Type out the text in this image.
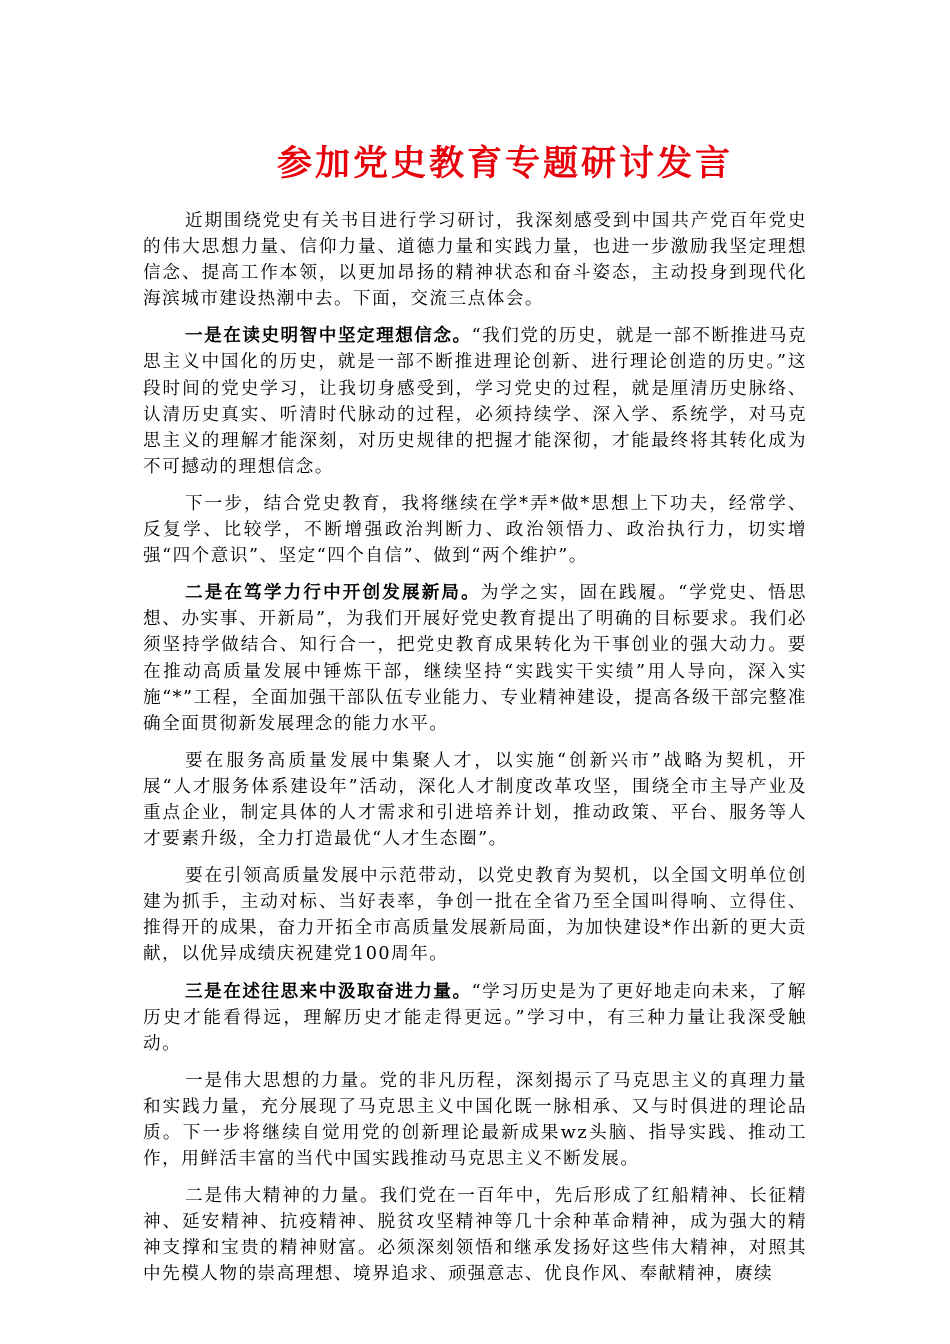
参加党史教育专题研讨发言

近期围绕党史有关书目进行学习研讨，我深刻感受到中国共产党百年党史的伟大思想力量、信仰力量、道德力量和实践力量，也进一步激励我坚定理想信念、提高工作本领，以更加昂扬的精神状态和奋斗姿态，主动投身到现代化海滨城市建设热潮中去。下面，交流三点体会。

一是在读史明智中坚定理想信念。“我们党的历史，就是一部不断推进马克思主义中国化的历史，就是一部不断推进理论创新、进行理论创造的历史。”这段时间的党史学习，让我切身感受到，学习党史的过程，就是厘清历史脉络、认清历史真实、听清时代脉动的过程，必须持续学、深入学、系统学，对马克思主义的理解才能深刻，对历史规律的把握才能深彻，才能最终将其转化成为不可撼动的理想信念。

下一步，结合党史教育，我将继续在学*弄*做*思想上下功夫，经常学、反复学、比较学，不断增强政治判断力、政治领悟力、政治执行力，切实增强“四个意识”、坚定“四个自信”、做到“两个维护”。

二是在笃学力行中开创发展新局。为学之实，固在践履。“学党史、悟思想、办实事、开新局”，为我们开展好党史教育提出了明确的目标要求。我们必须坚持学做结合、知行合一，把党史教育成果转化为干事创业的强大动力。要在推动高质量发展中锤炼干部，继续坚持“实践实干实绩”用人导向，深入实施“*”工程，全面加强干部队伍专业能力、专业精神建设，提高各级干部完整准确全面贯彻新发展理念的能力水平。

要在服务高质量发展中集聚人才，以实施“创新兴市”战略为契机，开展“人才服务体系建设年”活动，深化人才制度改革攻坚，围绕全市主导产业及重点企业，制定具体的人才需求和引进培养计划，推动政策、平台、服务等人才要素升级，全力打造最优“人才生态圈”。

要在引领高质量发展中示范带动，以党史教育为契机，以全国文明单位创建为抓手，主动对标、当好表率，争创一批在全省乃至全国叫得响、立得住、推得开的成果，奋力开拓全市高质量发展新局面，为加快建设*作出新的更大贡献，以优异成绩庆祝建党100周年。

三是在述往思来中汲取奋进力量。“学习历史是为了更好地走向未来，了解历史才能看得远，理解历史才能走得更远。”学习中，有三种力量让我深受触动。

一是伟大思想的力量。党的非凡历程，深刻揭示了马克思主义的真理力量和实践力量，充分展现了马克思主义中国化既一脉相承、又与时俱进的理论品质。下一步将继续自觉用党的创新理论最新成果wz头脑、指导实践、推动工作，用鲜活丰富的当代中国实践推动马克思主义不断发展。

二是伟大精神的力量。我们党在一百年中，先后形成了红船精神、长征精神、延安精神、抗疫精神、脱贫攻坚精神等几十余种革命精神，成为强大的精神支撑和宝贵的精神财富。必须深刻领悟和继承发扬好这些伟大精神，对照其中先模人物的崇高理想、境界追求、顽强意志、优良作风、奉献精神，赓续
